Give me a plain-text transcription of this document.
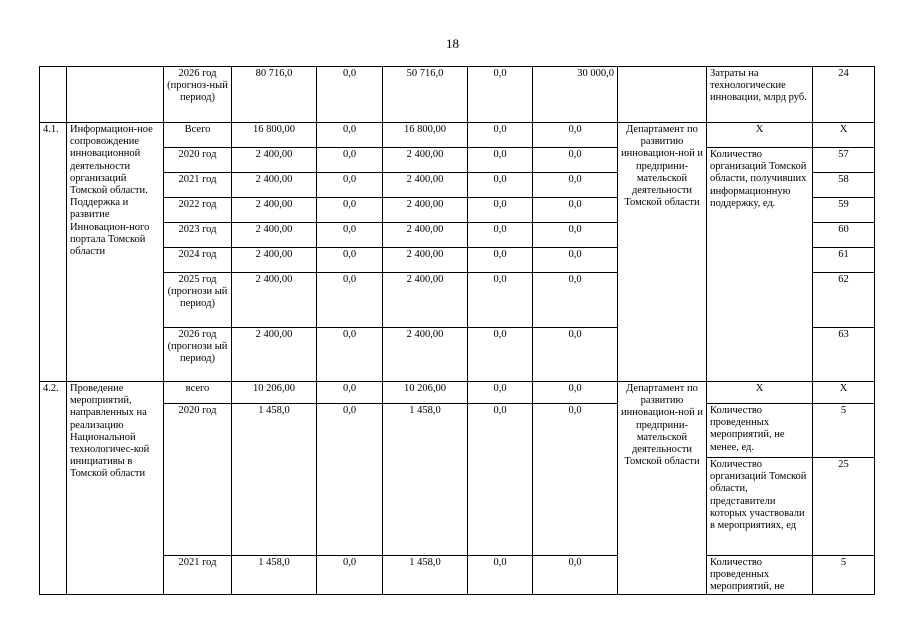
18
		2026 год (прогноз-ный период)	80 716,0	0,0	50 716,0	0,0	30 000,0		Затраты на технологические инновации, млрд руб.	24
4.1.	Информацион-ное сопровождение инновационной деятельности организаций Томской области. Поддержка и развитие Инновацион-ного портала Томской области	Всего	16 800,00	0,0	16 800,00	0,0	0,0	Департамент по развитию инновацион-ной и предприни-мательской деятельности Томской области	X	X
		2020 год	2 400,00	0,0	2 400,00	0,0	0,0		Количество организаций Томской области, получивших информационную поддержку, ед.	57
		2021 год	2 400,00	0,0	2 400,00	0,0	0,0			58
		2022 год	2 400,00	0,0	2 400,00	0,0	0,0			59
		2023 год	2 400,00	0,0	2 400,00	0,0	0,0			60
		2024 год	2 400,00	0,0	2 400,00	0,0	0,0			61
		2025 год (прогнози ый период)	2 400,00	0,0	2 400,00	0,0	0,0			62
		2026 год (прогнози ый период)	2 400,00	0,0	2 400,00	0,0	0,0			63
4.2.	Проведение мероприятий, направленных на реализацию Национальной технологичес-кой инициативы в Томской области	всего	10 206,00	0,0	10 206,00	0,0	0,0	Департамент по развитию инновацион-ной и предприни-мательской деятельности Томской области	X	X
		2020 год	1 458,0	0,0	1 458,0	0,0	0,0		Количество проведенных мероприятий, не менее, ед.	5
									Количество организаций Томской области, представители которых участвовали в мероприятиях, ед	25
		2021 год	1 458,0	0,0	1 458,0	0,0	0,0		Количество проведенных мероприятий, не	5
